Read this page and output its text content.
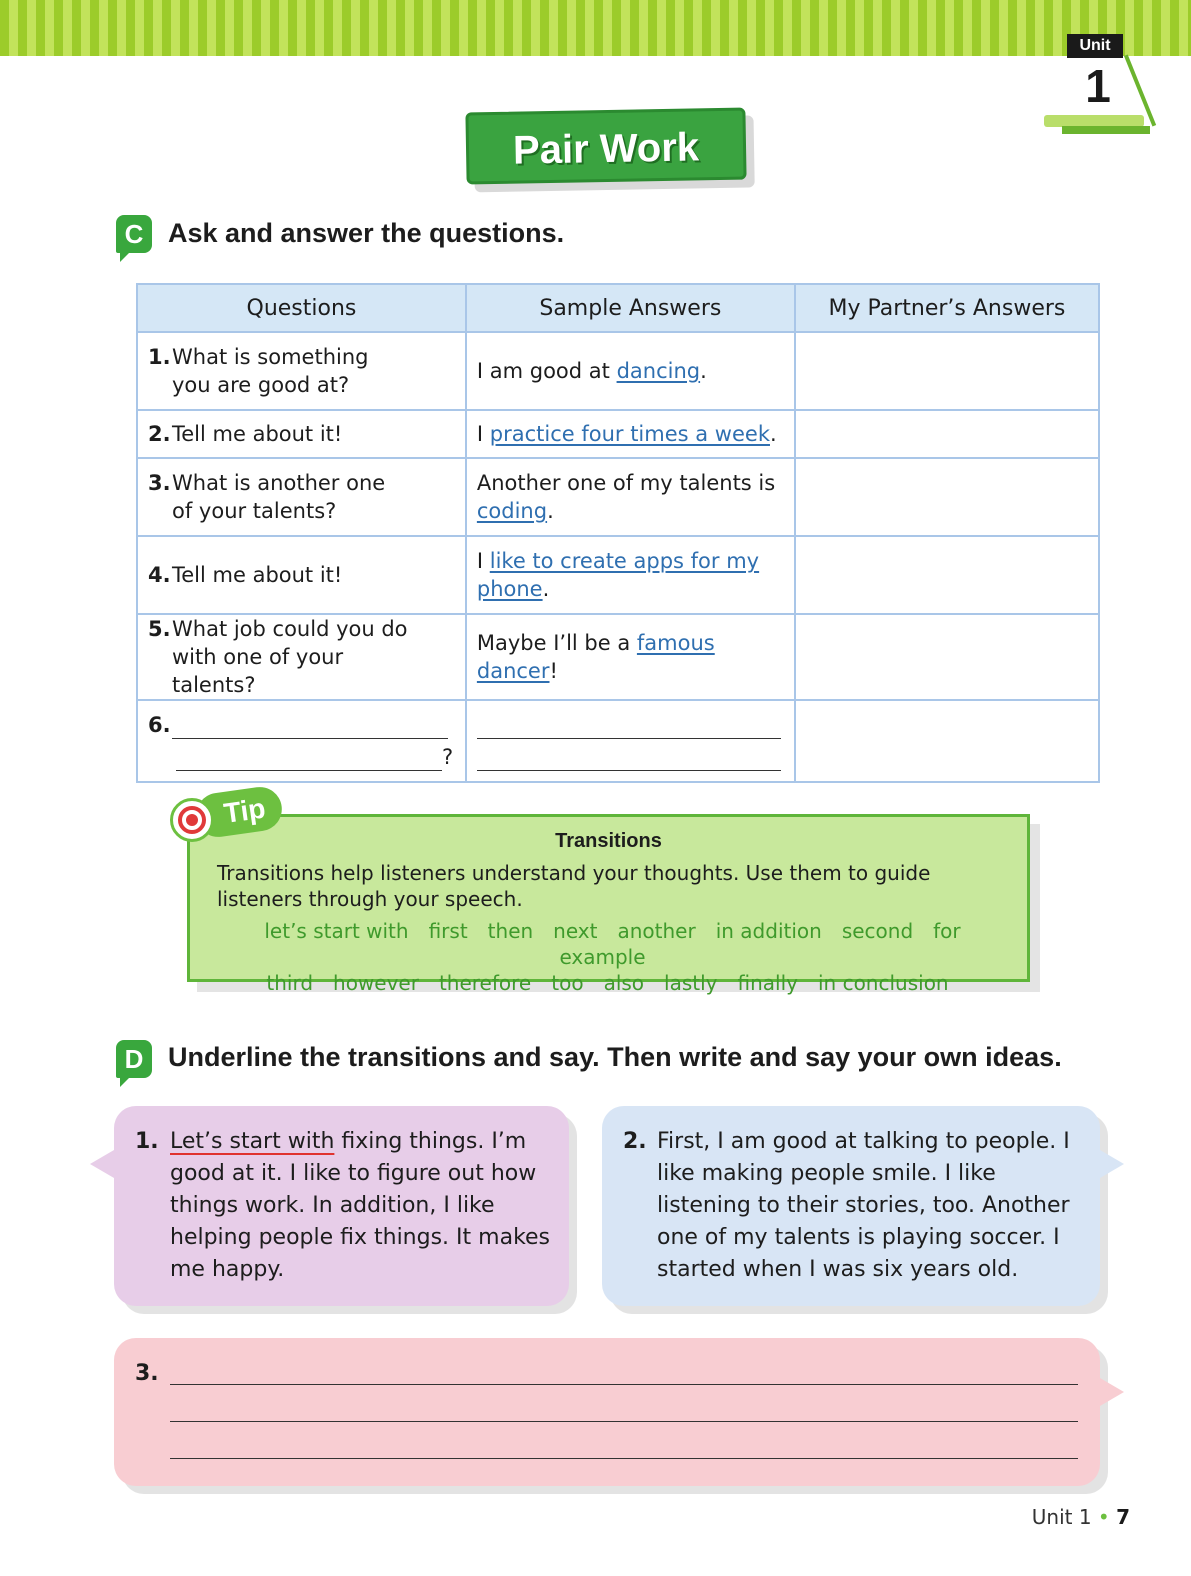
Unit
1
Pair Work
C Ask and answer the questions.
Questions	Sample Answers	My Partner’s Answers
1.What is something you are good at?	I am good at dancing.	
2.Tell me about it!	I practice four times a week.	
3.What is another one of your talents?	Another one of my talents is coding.	
4.Tell me about it!	I like to create apps for my phone.	
5.What job could you do with one of your talents?	Maybe I’ll be a famous dancer!	

6.
?		

Tip
Transitions
Transitions help listeners understand your thoughts. Use them to guide listeners through your speech.
let’s start with first then next another in addition second for example
third however therefore too also lastly finally in conclusion
D Underline the transitions and say. Then write and say your own ideas.
1. Let’s start with fixing things. I’m good at it. I like to figure out how things work. In addition, I like helping people fix things. It makes me happy.
2. First, I am good at talking to people. I like making people smile. I like listening to their stories, too. Another one of my talents is playing soccer. I started when I was six years old.
3.
Unit 1 • 7
